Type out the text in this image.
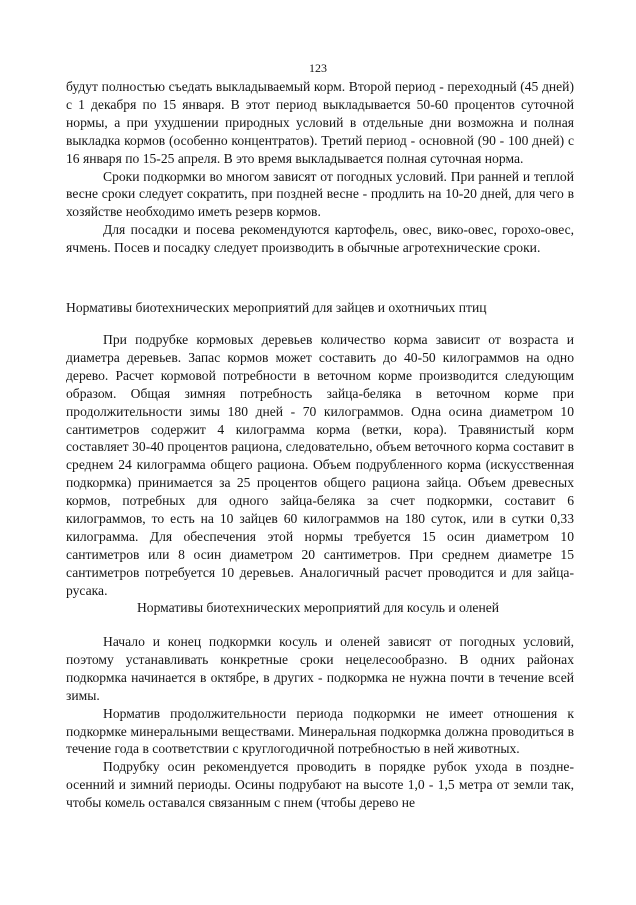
123

будут полностью съедать выкладываемый корм. Второй период - переходный (45 дней) с 1 декабря по 15 января. В этот период выкладывается 50-60 процентов суточной нормы, а при ухудшении природных условий в отдельные дни возможна и полная выкладка кормов (особенно концентратов). Третий период - основной (90 - 100 дней) с 16 января по 15-25 апреля. В это время выкладывается полная суточная норма.

Сроки подкормки во многом зависят от погодных условий. При ранней и теплой весне сроки следует сократить, при поздней весне - продлить на 10-20 дней, для чего в хозяйстве необходимо иметь резерв кормов.

Для посадки и посева рекомендуются картофель, овес, вико-овес, горохо-овес, ячмень. Посев и посадку следует производить в обычные агротехнические сроки.

Нормативы биотехнических мероприятий для зайцев и охотничьих птиц

При подрубке кормовых деревьев количество корма зависит от возраста и диаметра деревьев. Запас кормов может составить до 40-50 килограммов на одно дерево. Расчет кормовой потребности в веточном корме производится следующим образом. Общая зимняя потребность зайца-беляка в веточном корме при продолжительности зимы 180 дней - 70 килограммов. Одна осина диаметром 10 сантиметров содержит 4 килограмма корма (ветки, кора). Травянистый корм составляет 30-40 процентов рациона, следовательно, объем веточного корма составит в среднем 24 килограмма общего рациона. Объем подрубленного корма (искусственная подкормка) принимается за 25 процентов общего рациона зайца. Объем древесных кормов, потребных для одного зайца-беляка за счет подкормки, составит 6 килограммов, то есть на 10 зайцев 60 килограммов на 180 суток, или в сутки 0,33 килограмма. Для обеспечения этой нормы требуется 15 осин диаметром 10 сантиметров или 8 осин диаметром 20 сантиметров. При среднем диаметре 15 сантиметров потребуется 10 деревьев. Аналогичный расчет проводится и для зайца-русака.

Нормативы биотехнических мероприятий для косуль и оленей

Начало и конец подкормки косуль и оленей зависят от погодных условий, поэтому устанавливать конкретные сроки нецелесообразно. В одних районах подкормка начинается в октябре, в других - подкормка не нужна почти в течение всей зимы.

Норматив продолжительности периода подкормки не имеет отношения к подкормке минеральными веществами. Минеральная подкормка должна проводиться в течение года в соответствии с круглогодичной потребностью в ней животных.

Подрубку осин рекомендуется проводить в порядке рубок ухода в поздне-осенний и зимний периоды. Осины подрубают на высоте 1,0 - 1,5 метра от земли так, чтобы комель оставался связанным с пнем (чтобы дерево не
